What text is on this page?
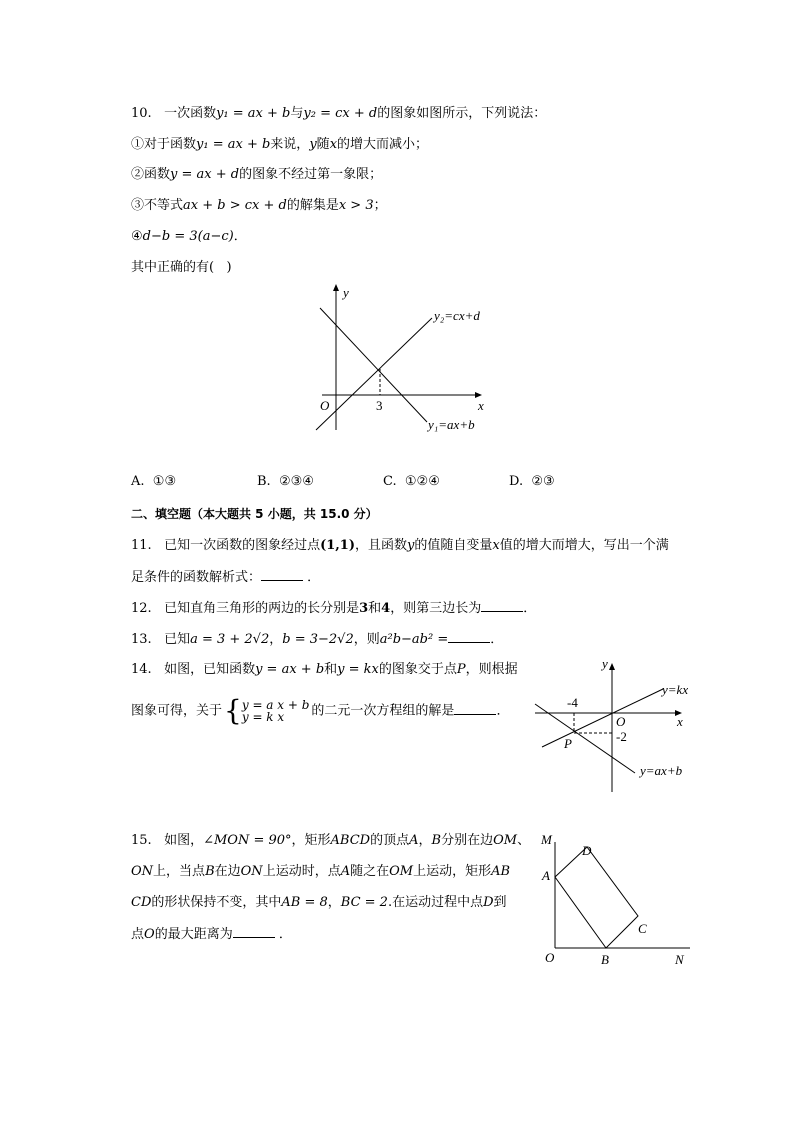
10.   一次函数y₁ = ax + b与y₂ = cx + d的图象如图所示，下列说法：
①对于函数y₁ = ax + b来说，y随x的增大而减小；
②函数y = ax + d的图象不经过第一象限；
③不等式ax + b > cx + d的解集是x > 3；
④d−b = 3(a−c)．
其中正确的有(   )
y
x
O	3
y₂=cx+d
y₁=ax+b
A. ①③	B. ②③④	C. ①②④	D. ②③
二、填空题（本大题共 5 小题，共 15.0 分）
11.   已知一次函数的图象经过点(1,1)，且函数y的值随自变量x值的增大而增大，写出一个满
足条件的函数解析式：	．
12.   已知直角三角形的两边的长分别是3和4，则第三边长为	．
13.   已知a = 3 + 2√2，b = 3−2√2，则a²b−ab² =	．
14.   如图，已知函数y = ax + b和y = kx的图象交于点P，则根据
图象可得，关于{y = a x + b
y = k x 的二元一次方程组的解是	．
y
x
O
-4
-2
P
y=kx
y=ax+b
15.   如图，∠MON = 90°，矩形ABCD的顶点A，B分别在边OM、
ON上，当点B在边ON上运动时，点A随之在OM上运动，矩形AB
CD的形状保持不变，其中AB = 8，BC = 2.在运动过程中点D到
点O的最大距离为	．
M
O	N
A
B
C
D
